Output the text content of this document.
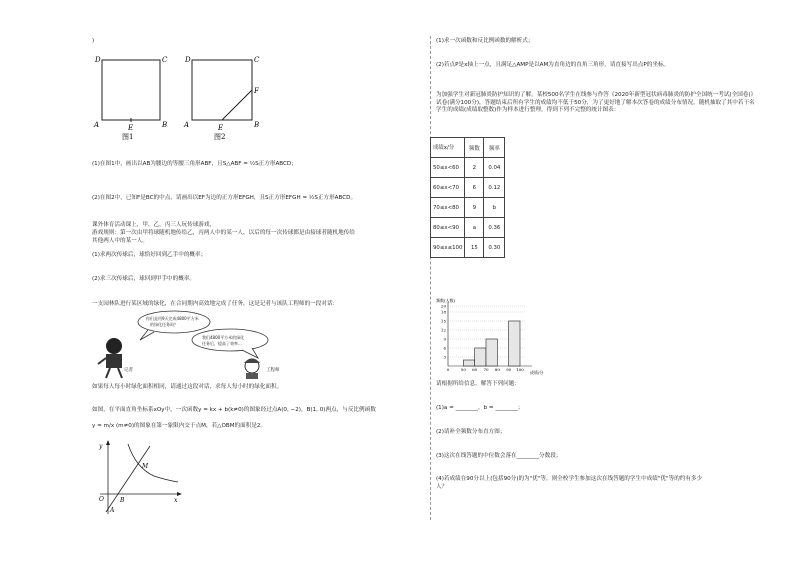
)
D	C
A	E	B
图1
D	C
F
A	E	B
图2
(1)在图1中，画出以AB为腰边的等腰三角形ABF，且S△ABF = ½S正方形ABCD；
(2)在图2中，已知F是BC的中点，请画出以EF为边的正方形EFGH，且S正方形EFGH = ½S正方形ABCD。
课外体育活动课上，甲，乙，丙三人玩传球游戏，
游戏规则：第一次由甲将球随机地传给乙，丙两人中的某一人，以后的每一次传球都是由接球者随机地传给
其他两人中的某一人。
(1)求两次传球后，球恰好回到乙手中的概率；
(2)求三次传球后，球回到甲手中的概率。
一支园林队进行某区域的绿化，在合同期内高效地完成了任务，这是记者与该队工程师的一段对话：
你们是用9天完成4800平方米
的绿化任务吗？
我们4800平方米的绿化
任务后，提高了效率...
记者	工程师
如果每人每小时绿化面积相同，请通过这段对话，求每人每小时的绿化面积。
如图，在平面直角坐标系xOy中，一次函数y = kx + b(k≠0)的图象经过点A(0, −2)，B(1, 0)两点，与反比例函数
y = m/x (m≠0)的图象在第一象限内交于点M，若△OBM的面积是2。
y
x
O	B
A
M
(1)求一次函数和反比例函数的解析式；
(2)若点P是x轴上一点，且满足△AMP是以AM为直角边的直角三角形，请直接写出点P的坐标。
为加强学生对新冠肺炎防护知识的了解，某校500名学生在线参与作答《2020年新型冠状病毒肺炎的防护全国统一考试(全国卷)》试卷(满分100分)，答题结束后所有学生的成绩均不低于50分，为了更好地了解本次答卷的成绩分布情况，随机抽取了其中若干名学生的成绩(成绩取整数)作为样本进行整理，得到下列不完整的统计图表：
成绩x/分	频数	频率
50≤x<60	2	0.04
60≤x<70	6	0.12
70≤x<80	9	b
80≤x<90	a	0.36
90≤x≤100	15	0.30
频数(人数)
20
18
15
12
9
6
3
0	50 60 70 80 90 100
成绩/分
请根据所给信息，解答下列问题：
(1)a = ________，b = ________；
(2)请补全频数分布直方图；
(3)这次在线答题的中位数会落在________分数段；
(4)若成绩在90分以上(包括90分)的为"优"等，则全校学生参加这次在线答题的学生中成绩"优"等的约有多少
人？
